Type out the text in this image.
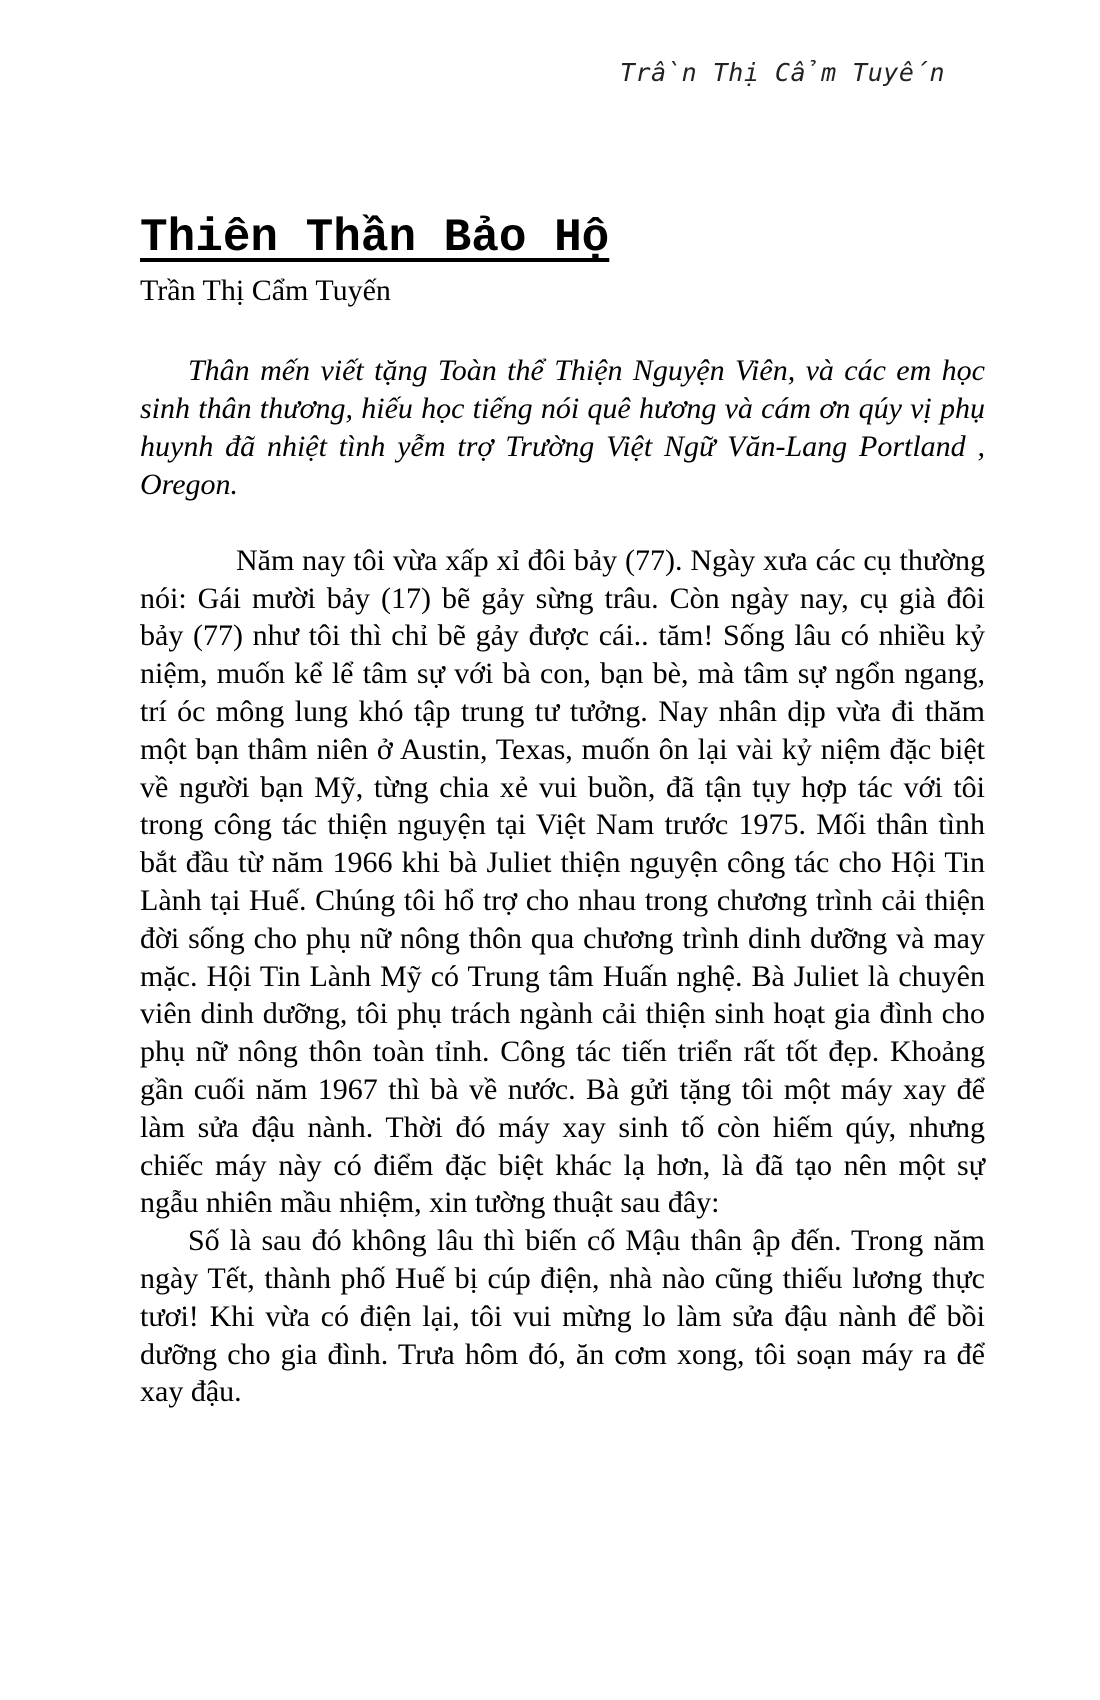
Trần Thị Cẩm Tuyến
Thiên Thần Bảo Hộ

Trần Thị Cẩm Tuyến

Thân mến viết tặng Toàn thể Thiện Nguyện Viên, và các em học sinh thân thương, hiếu học tiếng nói quê hương và cám ơn qúy vị phụ huynh đã nhiệt tình yễm trợ Trường Việt Ngữ Văn-Lang Portland , Oregon.

Năm nay tôi vừa xấp xỉ đôi bảy (77). Ngày xưa các cụ thường nói: Gái mười bảy (17) bẽ gảy sừng trâu. Còn ngày nay, cụ già đôi bảy (77) như tôi thì chỉ bẽ gảy được cái.. tăm! Sống lâu có nhiều kỷ niệm, muốn kể lể tâm sự với bà con, bạn bè, mà tâm sự ngổn ngang, trí óc mông lung khó tập trung tư tưởng. Nay nhân dịp vừa đi thăm một bạn thâm niên ở Austin, Texas, muốn ôn lại vài kỷ niệm đặc biệt về người bạn Mỹ, từng chia xẻ vui buồn, đã tận tụy hợp tác với tôi trong công tác thiện nguyện tại Việt Nam trước 1975. Mối thân tình bắt đầu từ năm 1966 khi bà Juliet thiện nguyện công tác cho Hội Tin Lành tại Huế. Chúng tôi hổ trợ cho nhau trong chương trình cải thiện đời sống cho phụ nữ nông thôn qua chương trình dinh dưỡng và may mặc. Hội Tin Lành Mỹ có Trung tâm Huấn nghệ. Bà Juliet là chuyên viên dinh dưỡng, tôi phụ trách ngành cải thiện sinh hoạt gia đình cho phụ nữ nông thôn toàn tỉnh. Công tác tiến triển rất tốt đẹp. Khoảng gần cuối năm 1967 thì bà về nước. Bà gửi tặng tôi một máy xay để làm sửa đậu nành. Thời đó máy xay sinh tố còn hiếm qúy, nhưng chiếc máy này có điểm đặc biệt khác lạ hơn, là đã tạo nên một sự ngẫu nhiên mầu nhiệm, xin tường thuật sau đây:

Số là sau đó không lâu thì biến cố Mậu thân ập đến. Trong năm ngày Tết, thành phố Huế bị cúp điện, nhà nào cũng thiếu lương thực tươi! Khi vừa có điện lại, tôi vui mừng lo làm sửa đậu nành để bồi dưỡng cho gia đình. Trưa hôm đó, ăn cơm xong, tôi soạn máy ra để xay đậu.
